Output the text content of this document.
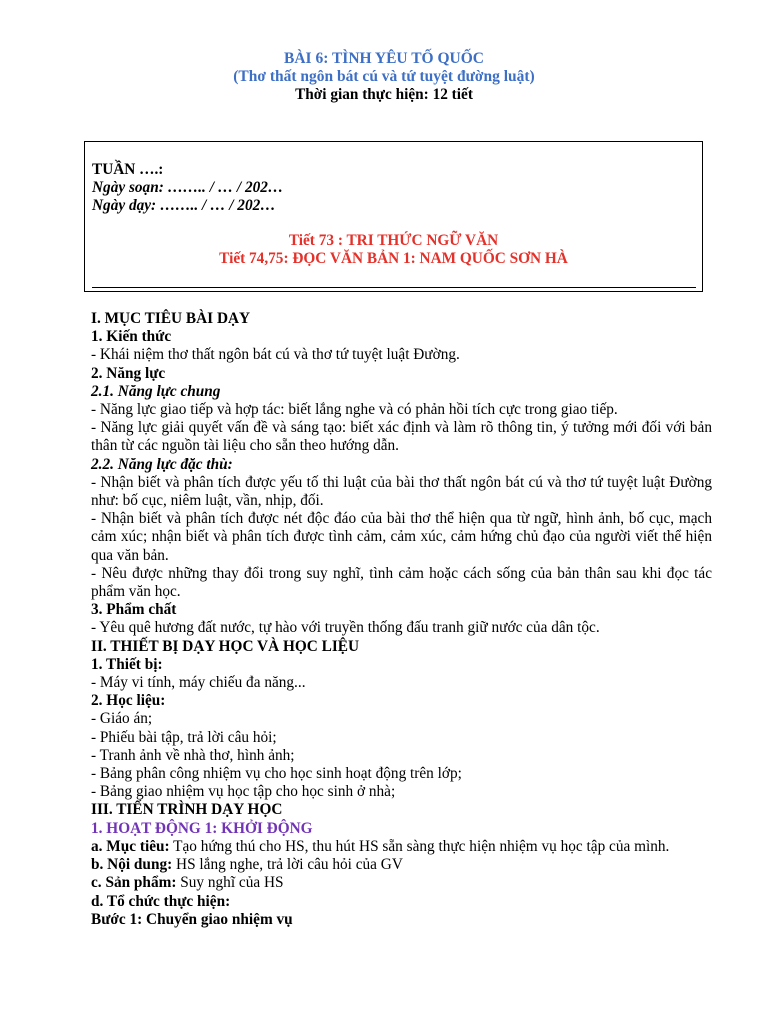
BÀI 6: TÌNH YÊU TỐ QUỐC
(Thơ thất ngôn bát cú và tứ tuyệt đường luật)
Thời gian thực hiện: 12 tiết
TUẦN ….:
Ngày soạn: …….. / … / 202…
Ngày dạy: …….. / … / 202…
Tiết 73 : TRI THỨC NGỮ VĂN
Tiết 74,75: ĐỌC VĂN BẢN 1: NAM QUỐC SƠN HÀ
I. MỤC TIÊU BÀI DẠY
1. Kiến thức
- Khái niệm thơ thất ngôn bát cú và thơ tứ tuyệt luật Đường.
2. Năng lực
2.1. Năng lực chung
- Năng lực giao tiếp và hợp tác: biết lắng nghe và có phản hồi tích cực trong giao tiếp.
- Năng lực giải quyết vấn đề và sáng tạo: biết xác định và làm rõ thông tin, ý tưởng mới đối với bản thân từ các nguồn tài liệu cho sẵn theo hướng dẫn.
2.2. Năng lực đặc thù:
- Nhận biết và phân tích được yếu tố thi luật của bài thơ thất ngôn bát cú và thơ tứ tuyệt luật Đường như: bố cục, niêm luật, vần, nhịp, đối.
- Nhận biết và phân tích được nét độc đáo của bài thơ thể hiện qua từ ngữ, hình ảnh, bố cục, mạch cảm xúc; nhận biết và phân tích được tình cảm, cảm xúc, cảm hứng chủ đạo của người viết thể hiện qua văn bản.
- Nêu được những thay đổi trong suy nghĩ, tình cảm hoặc cách sống của bản thân sau khi đọc tác phẩm văn học.
3. Phẩm chất
- Yêu quê hương đất nước, tự hào với truyền thống đấu tranh giữ nước của dân tộc.
II. THIẾT BỊ DẠY HỌC VÀ HỌC LIỆU
1. Thiết bị:
- Máy vi tính, máy chiếu đa năng...
2. Học liệu:
- Giáo án;
- Phiếu bài tập, trả lời câu hỏi;
- Tranh ảnh về nhà thơ, hình ảnh;
- Bảng phân công nhiệm vụ cho học sinh hoạt động trên lớp;
- Bảng giao nhiệm vụ học tập cho học sinh ở nhà;
III. TIẾN TRÌNH DẠY HỌC
1. HOẠT ĐỘNG 1: KHỞI ĐỘNG
a. Mục tiêu: Tạo hứng thú cho HS, thu hút HS sẵn sàng thực hiện nhiệm vụ học tập của mình.
b. Nội dung: HS lắng nghe, trả lời câu hỏi của GV
c. Sản phẩm: Suy nghĩ của HS
d. Tổ chức thực hiện:
Bước 1: Chuyển giao nhiệm vụ
